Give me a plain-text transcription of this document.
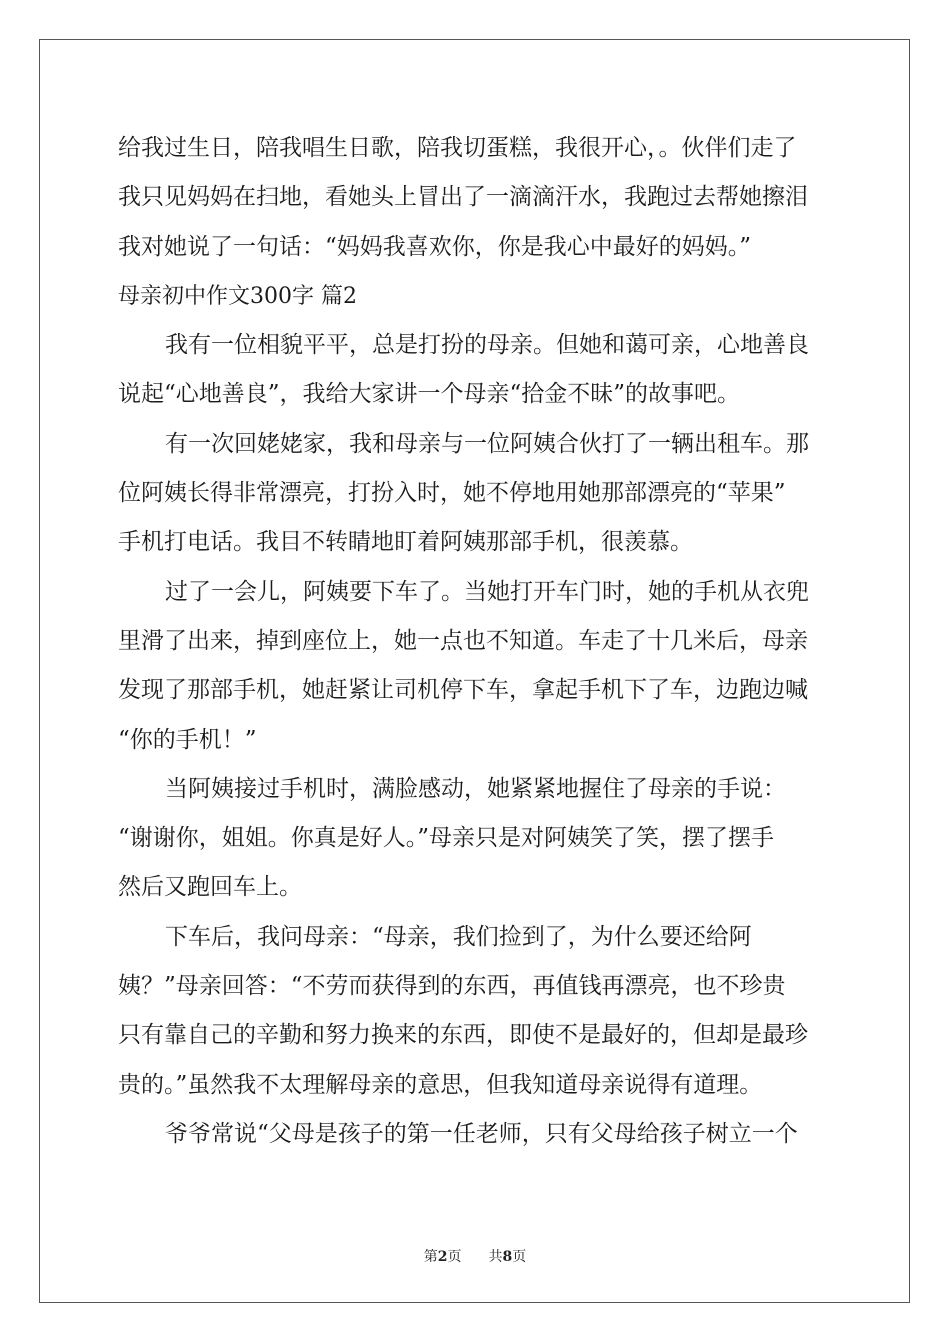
给我过生日，陪我唱生日歌，陪我切蛋糕，我很开心，。伙伴们走了
我只见妈妈在扫地，看她头上冒出了一滴滴汗水，我跑过去帮她擦泪
我对她说了一句话：“妈妈我喜欢你，你是我心中最好的妈妈。”
母亲初中作文300字 篇2
我有一位相貌平平，总是打扮的母亲。但她和蔼可亲，心地善良
说起“心地善良”，我给大家讲一个母亲“拾金不昧”的故事吧。
有一次回姥姥家，我和母亲与一位阿姨合伙打了一辆出租车。那
位阿姨长得非常漂亮，打扮入时，她不停地用她那部漂亮的“苹果”
手机打电话。我目不转睛地盯着阿姨那部手机，很羡慕。
过了一会儿，阿姨要下车了。当她打开车门时，她的手机从衣兜
里滑了出来，掉到座位上，她一点也不知道。车走了十几米后，母亲
发现了那部手机，她赶紧让司机停下车，拿起手机下了车，边跑边喊
“你的手机！”
当阿姨接过手机时，满脸感动，她紧紧地握住了母亲的手说：
“谢谢你，姐姐。你真是好人。”母亲只是对阿姨笑了笑，摆了摆手
然后又跑回车上。
下车后，我问母亲：“母亲，我们捡到了，为什么要还给阿
姨？”母亲回答：“不劳而获得到的东西，再值钱再漂亮，也不珍贵
只有靠自己的辛勤和努力换来的东西，即使不是最好的，但却是最珍
贵的。”虽然我不太理解母亲的意思，但我知道母亲说得有道理。
爷爷常说“父母是孩子的第一任老师，只有父母给孩子树立一个
第2页 共8页
